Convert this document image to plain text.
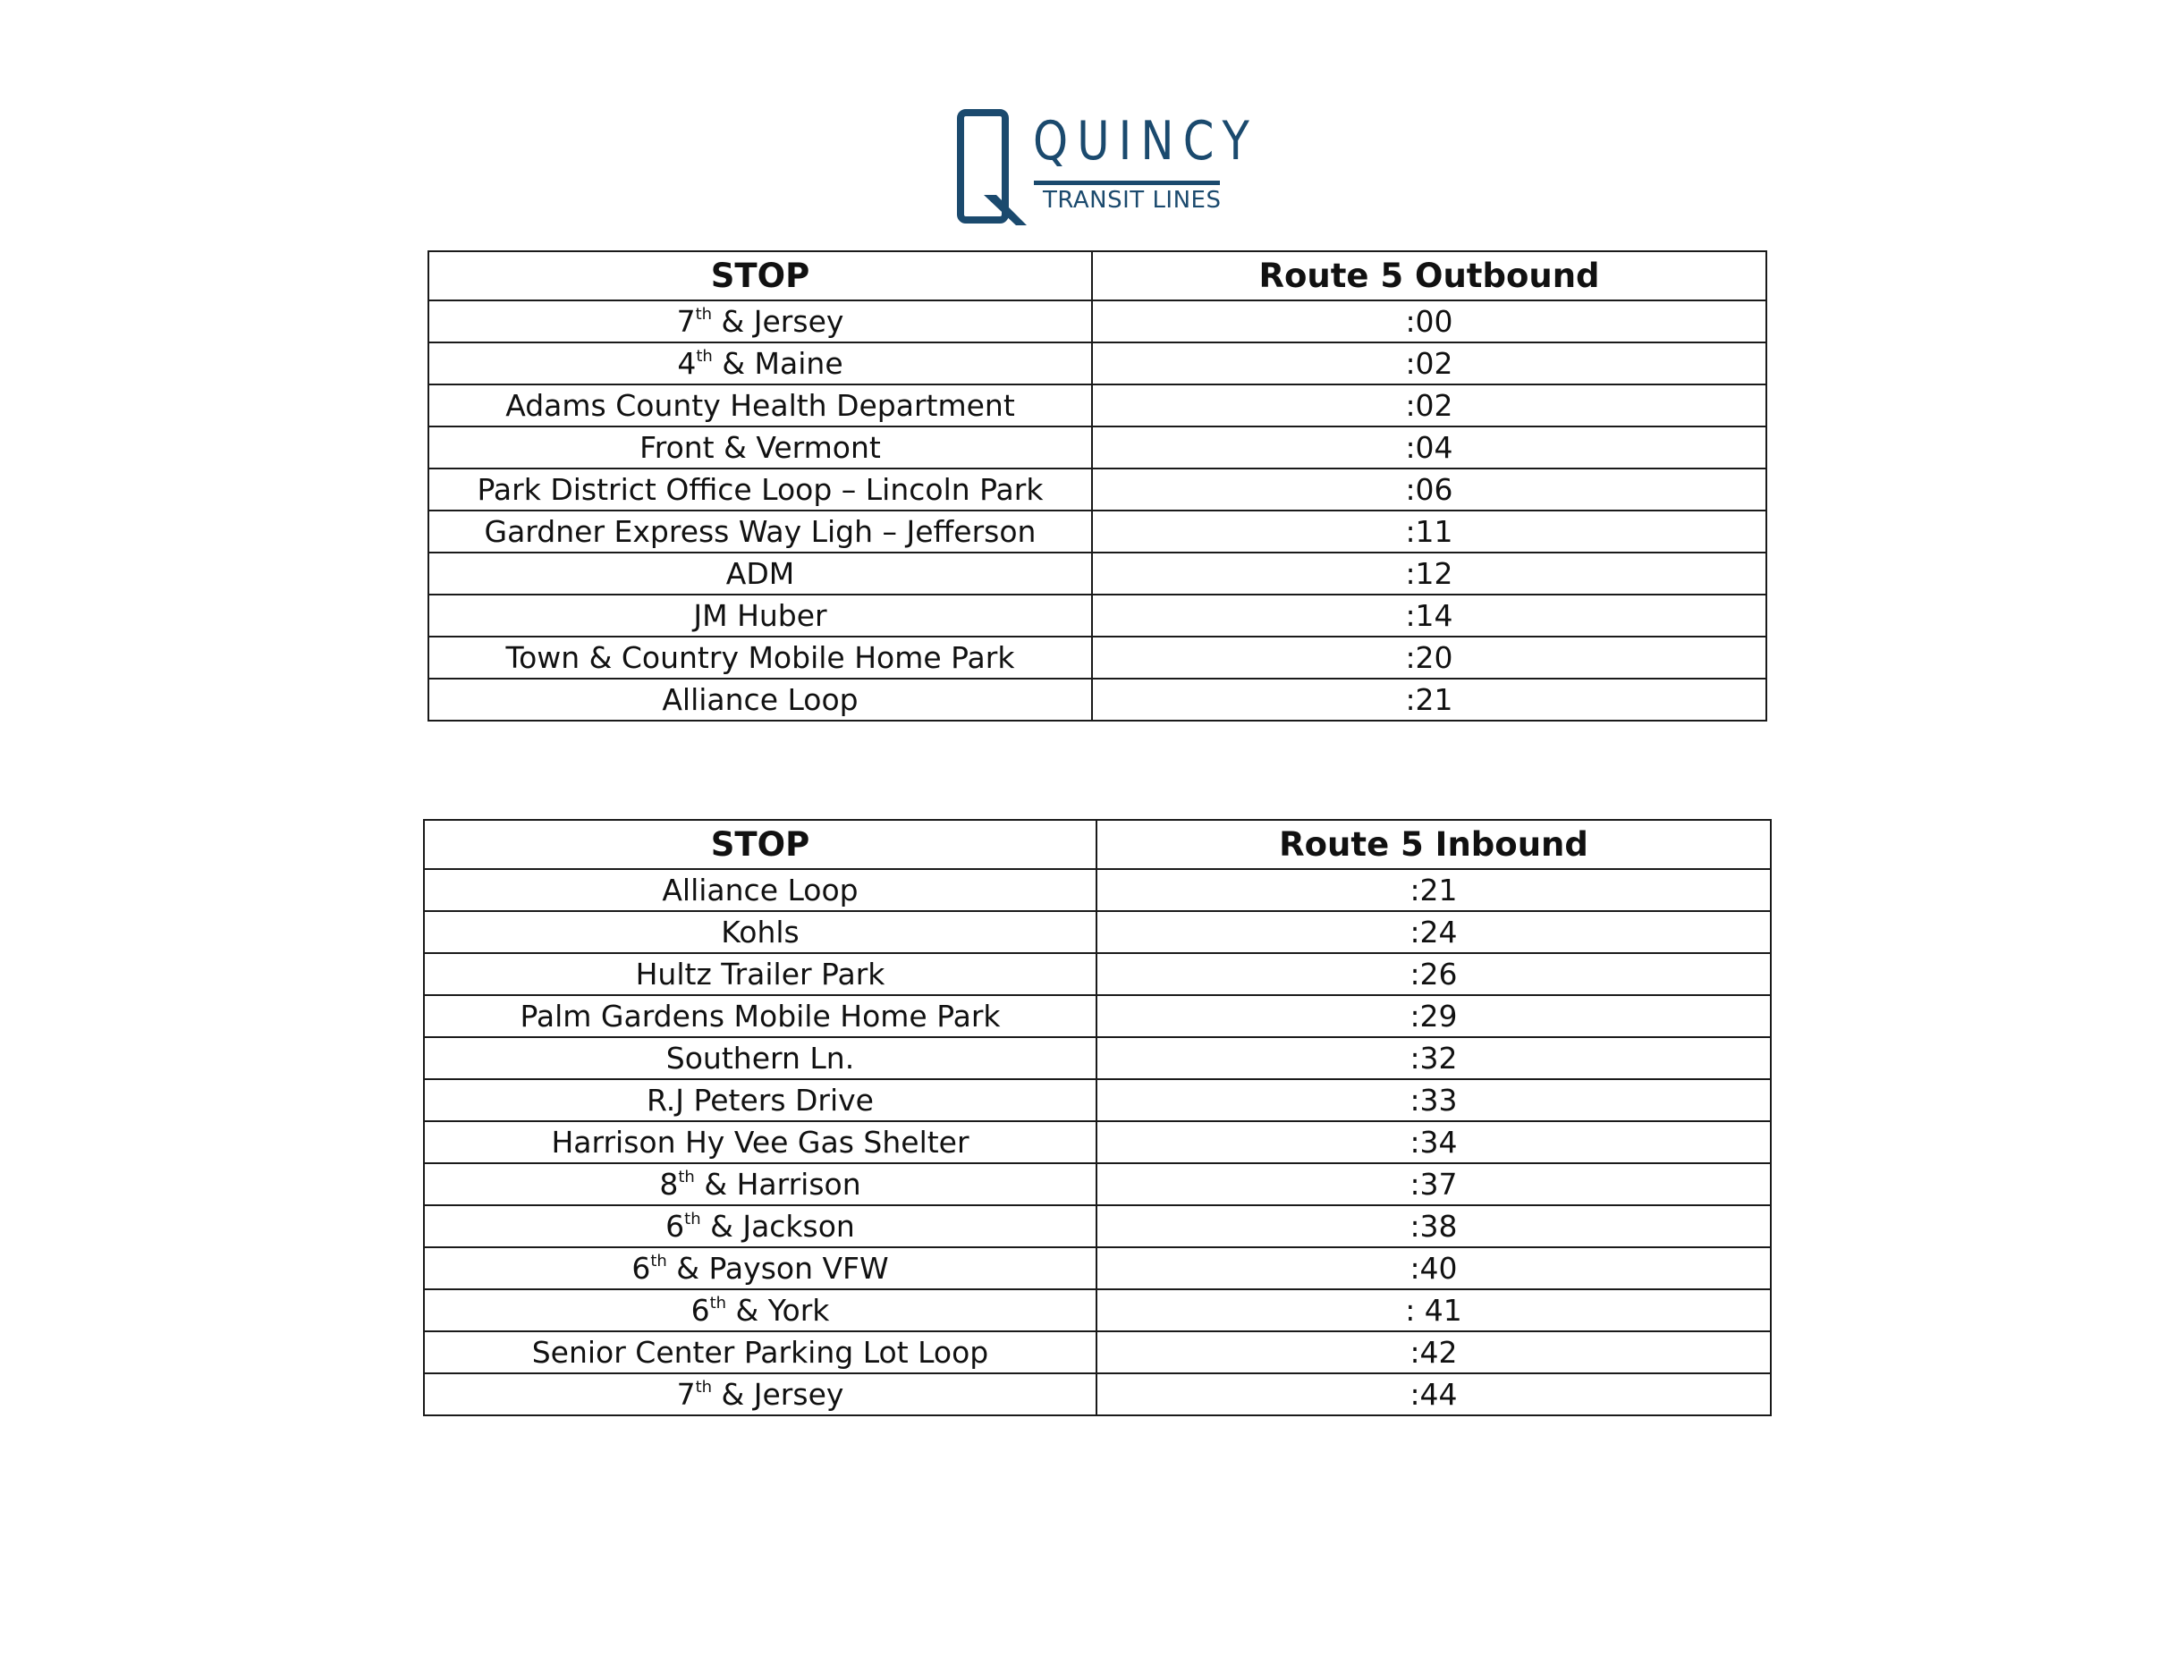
QUINCY
TRANSIT LINES
STOP	Route 5 Outbound
7th & Jersey	:00
4th & Maine	:02
Adams County Health Department	:02
Front & Vermont	:04
Park District Office Loop – Lincoln Park	:06
Gardner Express Way Ligh – Jefferson	:11
ADM	:12
JM Huber	:14
Town & Country Mobile Home Park	:20
Alliance Loop	:21
STOP	Route 5 Inbound
Alliance Loop	:21
Kohls	:24
Hultz Trailer Park	:26
Palm Gardens Mobile Home Park	:29
Southern Ln.	:32
R.J Peters Drive	:33
Harrison Hy Vee Gas Shelter	:34
8th & Harrison	:37
6th & Jackson	:38
6th & Payson VFW	:40
6th & York	: 41
Senior Center Parking Lot Loop	:42
7th & Jersey	:44
